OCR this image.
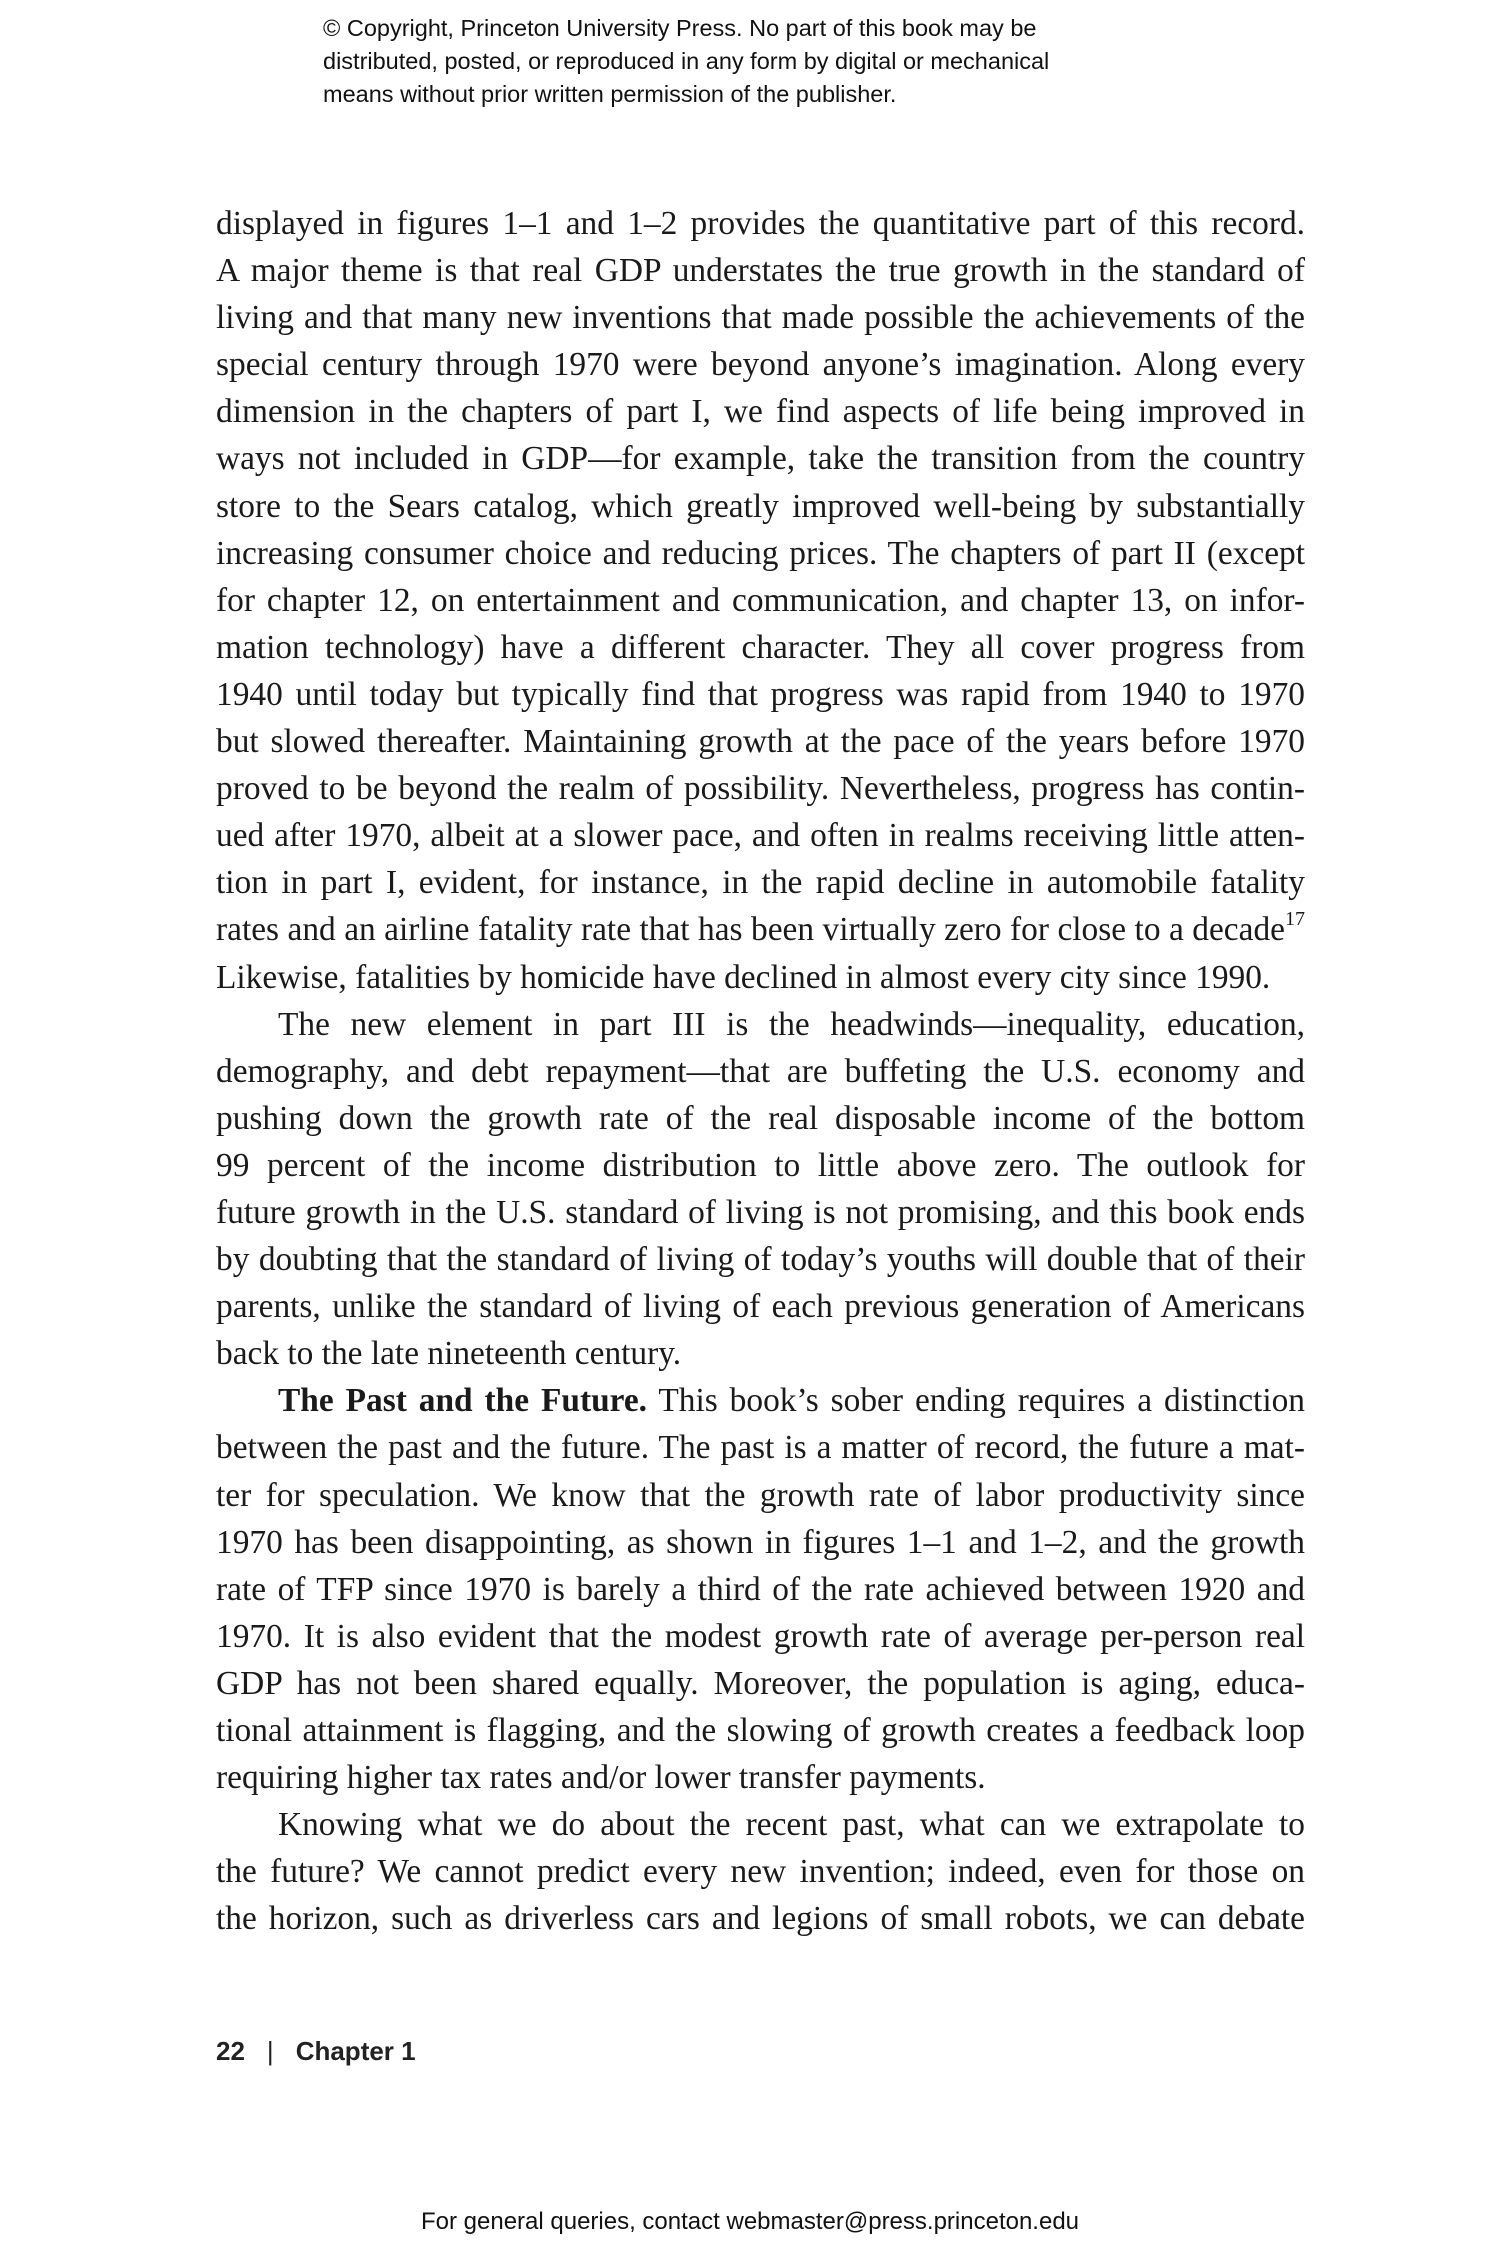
© Copyright, Princeton University Press. No part of this book may be
distributed, posted, or reproduced in any form by digital or mechanical
means without prior written permission of the publisher.

displayed in figures 1–1 and 1–2 provides the quantitative part of this record.
A major theme is that real GDP understates the true growth in the standard of
living and that many new inventions that made possible the achievements of the
special century through 1970 were beyond anyone’s imagination. Along every
dimension in the chapters of part I, we find aspects of life being improved in
ways not included in GDP—for example, take the transition from the country
store to the Sears catalog, which greatly improved well-being by substantially
increasing consumer choice and reducing prices. The chapters of part II (except
for chapter 12, on entertainment and communication, and chapter 13, on infor-
mation technology) have a different character. They all cover progress from
1940 until today but typically find that progress was rapid from 1940 to 1970
but slowed thereafter. Maintaining growth at the pace of the years before 1970
proved to be beyond the realm of possibility. Nevertheless, progress has contin-
ued after 1970, albeit at a slower pace, and often in realms receiving little atten-
tion in part I, evident, for instance, in the rapid decline in automobile fatality
rates and an airline fatality rate that has been virtually zero for close to a decade$^{17}$
Likewise, fatalities by homicide have declined in almost every city since 1990.

The new element in part III is the headwinds—inequality, education,
demography, and debt repayment—that are buffeting the U.S. economy and
pushing down the growth rate of the real disposable income of the bottom
99 percent of the income distribution to little above zero. The outlook for
future growth in the U.S. standard of living is not promising, and this book ends
by doubting that the standard of living of today’s youths will double that of their
parents, unlike the standard of living of each previous generation of Americans
back to the late nineteenth century.

The Past and the Future. This book’s sober ending requires a distinction
between the past and the future. The past is a matter of record, the future a mat-
ter for speculation. We know that the growth rate of labor productivity since
1970 has been disappointing, as shown in figures 1–1 and 1–2, and the growth
rate of TFP since 1970 is barely a third of the rate achieved between 1920 and
1970. It is also evident that the modest growth rate of average per-person real
GDP has not been shared equally. Moreover, the population is aging, educa-
tional attainment is flagging, and the slowing of growth creates a feedback loop
requiring higher tax rates and/or lower transfer payments.

Knowing what we do about the recent past, what can we extrapolate to
the future? We cannot predict every new invention; indeed, even for those on
the horizon, such as driverless cars and legions of small robots, we can debate

22 | Chapter 1
For general queries, contact webmaster@press.princeton.edu
